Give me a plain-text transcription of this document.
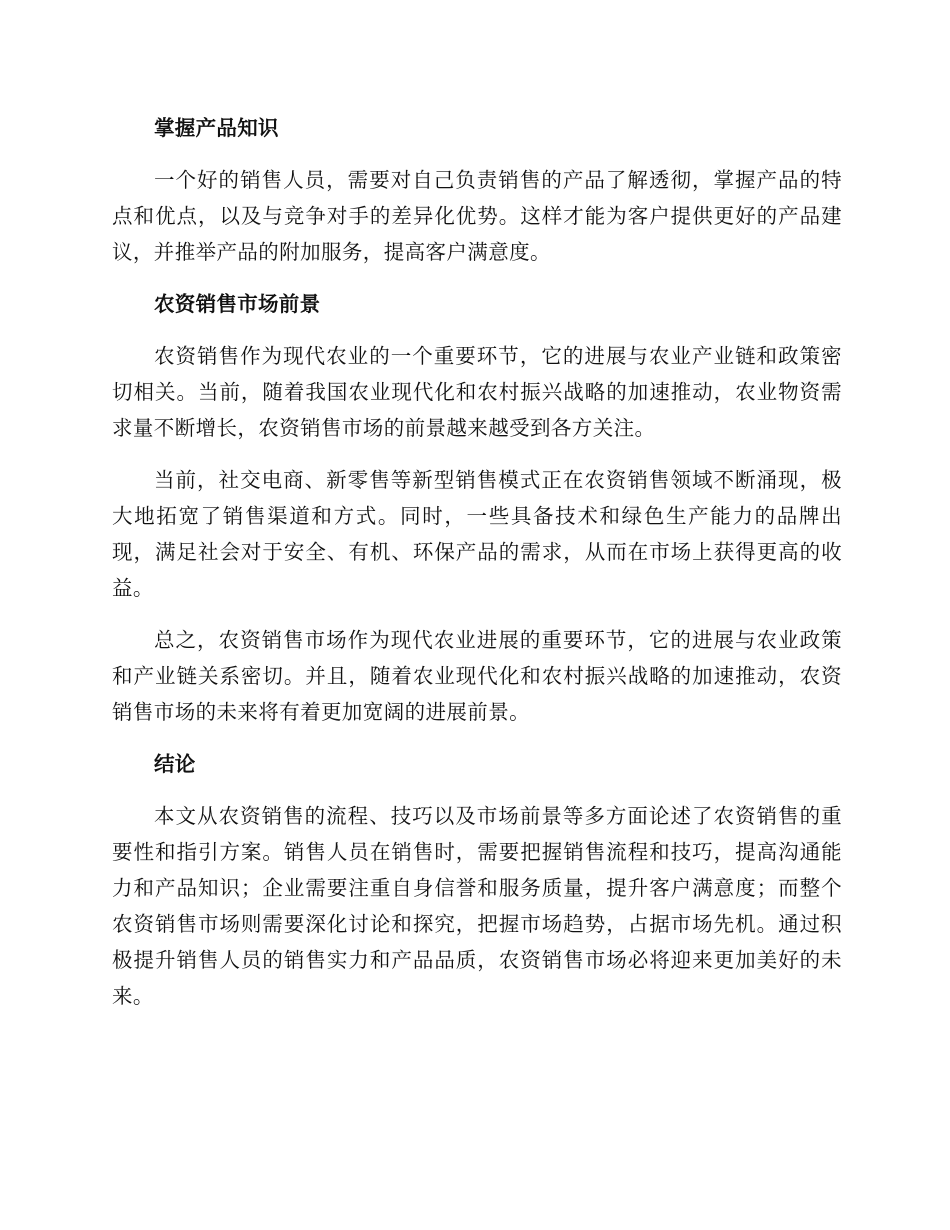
掌握产品知识

一个好的销售人员，需要对自己负责销售的产品了解透彻，掌握产品的特点和优点，以及与竞争对手的差异化优势。这样才能为客户提供更好的产品建议，并推举产品的附加服务，提高客户满意度。

农资销售市场前景

农资销售作为现代农业的一个重要环节，它的进展与农业产业链和政策密切相关。当前，随着我国农业现代化和农村振兴战略的加速推动，农业物资需求量不断增长，农资销售市场的前景越来越受到各方关注。

当前，社交电商、新零售等新型销售模式正在农资销售领域不断涌现，极大地拓宽了销售渠道和方式。同时，一些具备技术和绿色生产能力的品牌出现，满足社会对于安全、有机、环保产品的需求，从而在市场上获得更高的收益。

总之，农资销售市场作为现代农业进展的重要环节，它的进展与农业政策和产业链关系密切。并且，随着农业现代化和农村振兴战略的加速推动，农资销售市场的未来将有着更加宽阔的进展前景。

结论

本文从农资销售的流程、技巧以及市场前景等多方面论述了农资销售的重要性和指引方案。销售人员在销售时，需要把握销售流程和技巧，提高沟通能力和产品知识；企业需要注重自身信誉和服务质量，提升客户满意度；而整个农资销售市场则需要深化讨论和探究，把握市场趋势，占据市场先机。通过积极提升销售人员的销售实力和产品品质，农资销售市场必将迎来更加美好的未来。
